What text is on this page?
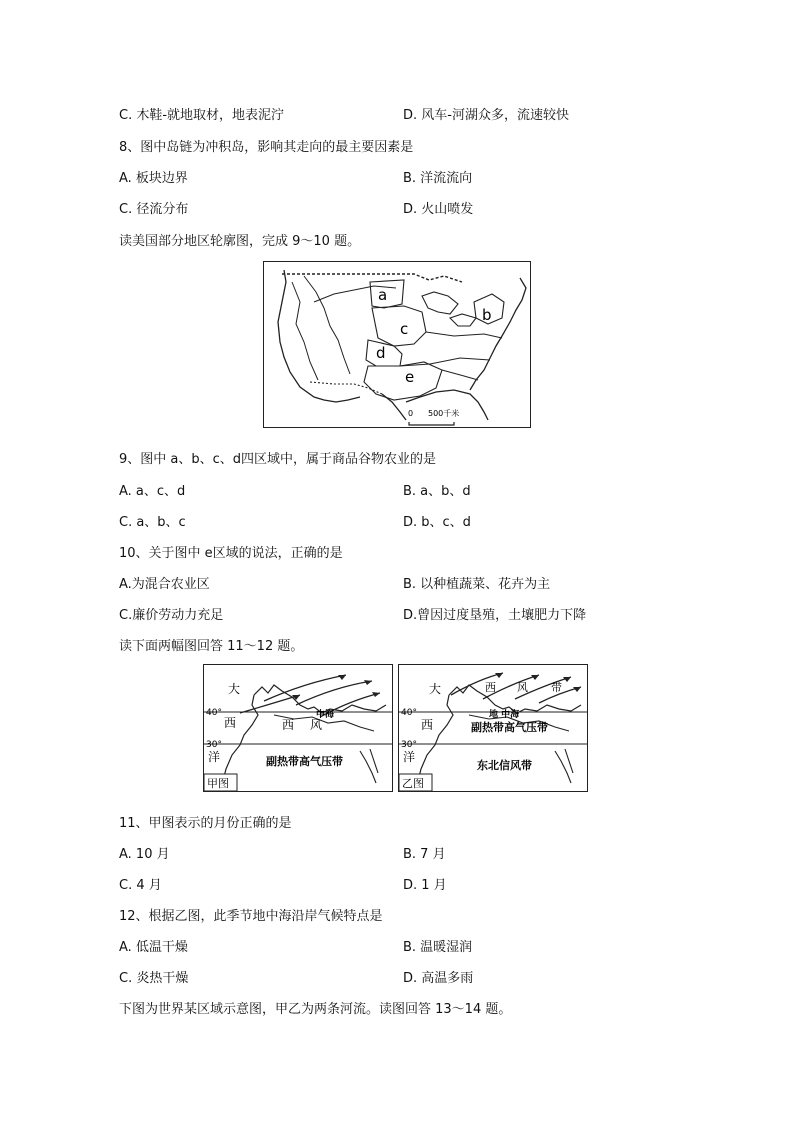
C. 木鞋-就地取材，地表泥泞	D. 风车-河湖众多，流速较快
8、图中岛链为冲积岛，影响其走向的最主要因素是
A. 板块边界	B. 洋流流向
C. 径流分布	D. 火山喷发
读美国部分地区轮廓图，完成 9～10 题。
a
b
c
d
e
0 500千米
9、图中 a、b、c、d四区域中，属于商品谷物农业的是
A. a、c、d	B. a、b、d
C. a、b、c	D. b、c、d
10、关于图中 e区域的说法，正确的是
A.为混合农业区	B. 以种植蔬菜、花卉为主
C.廉价劳动力充足	D.曾因过度垦殖，土壤肥力下降
读下面两幅图回答 11～12 题。
大
40°
西
30°
洋
西 风
中海
副热带高气压带
甲图
大	西 风 带
40°
西
30°
洋
地 中海
副热带高气压带
东北信风带
乙图
11、甲图表示的月份正确的是
A. 10 月	B. 7 月
C. 4 月	D. 1 月
12、根据乙图，此季节地中海沿岸气候特点是
A. 低温干燥	B. 温暖湿润
C. 炎热干燥	D. 高温多雨
下图为世界某区域示意图，甲乙为两条河流。读图回答 13～14 题。
